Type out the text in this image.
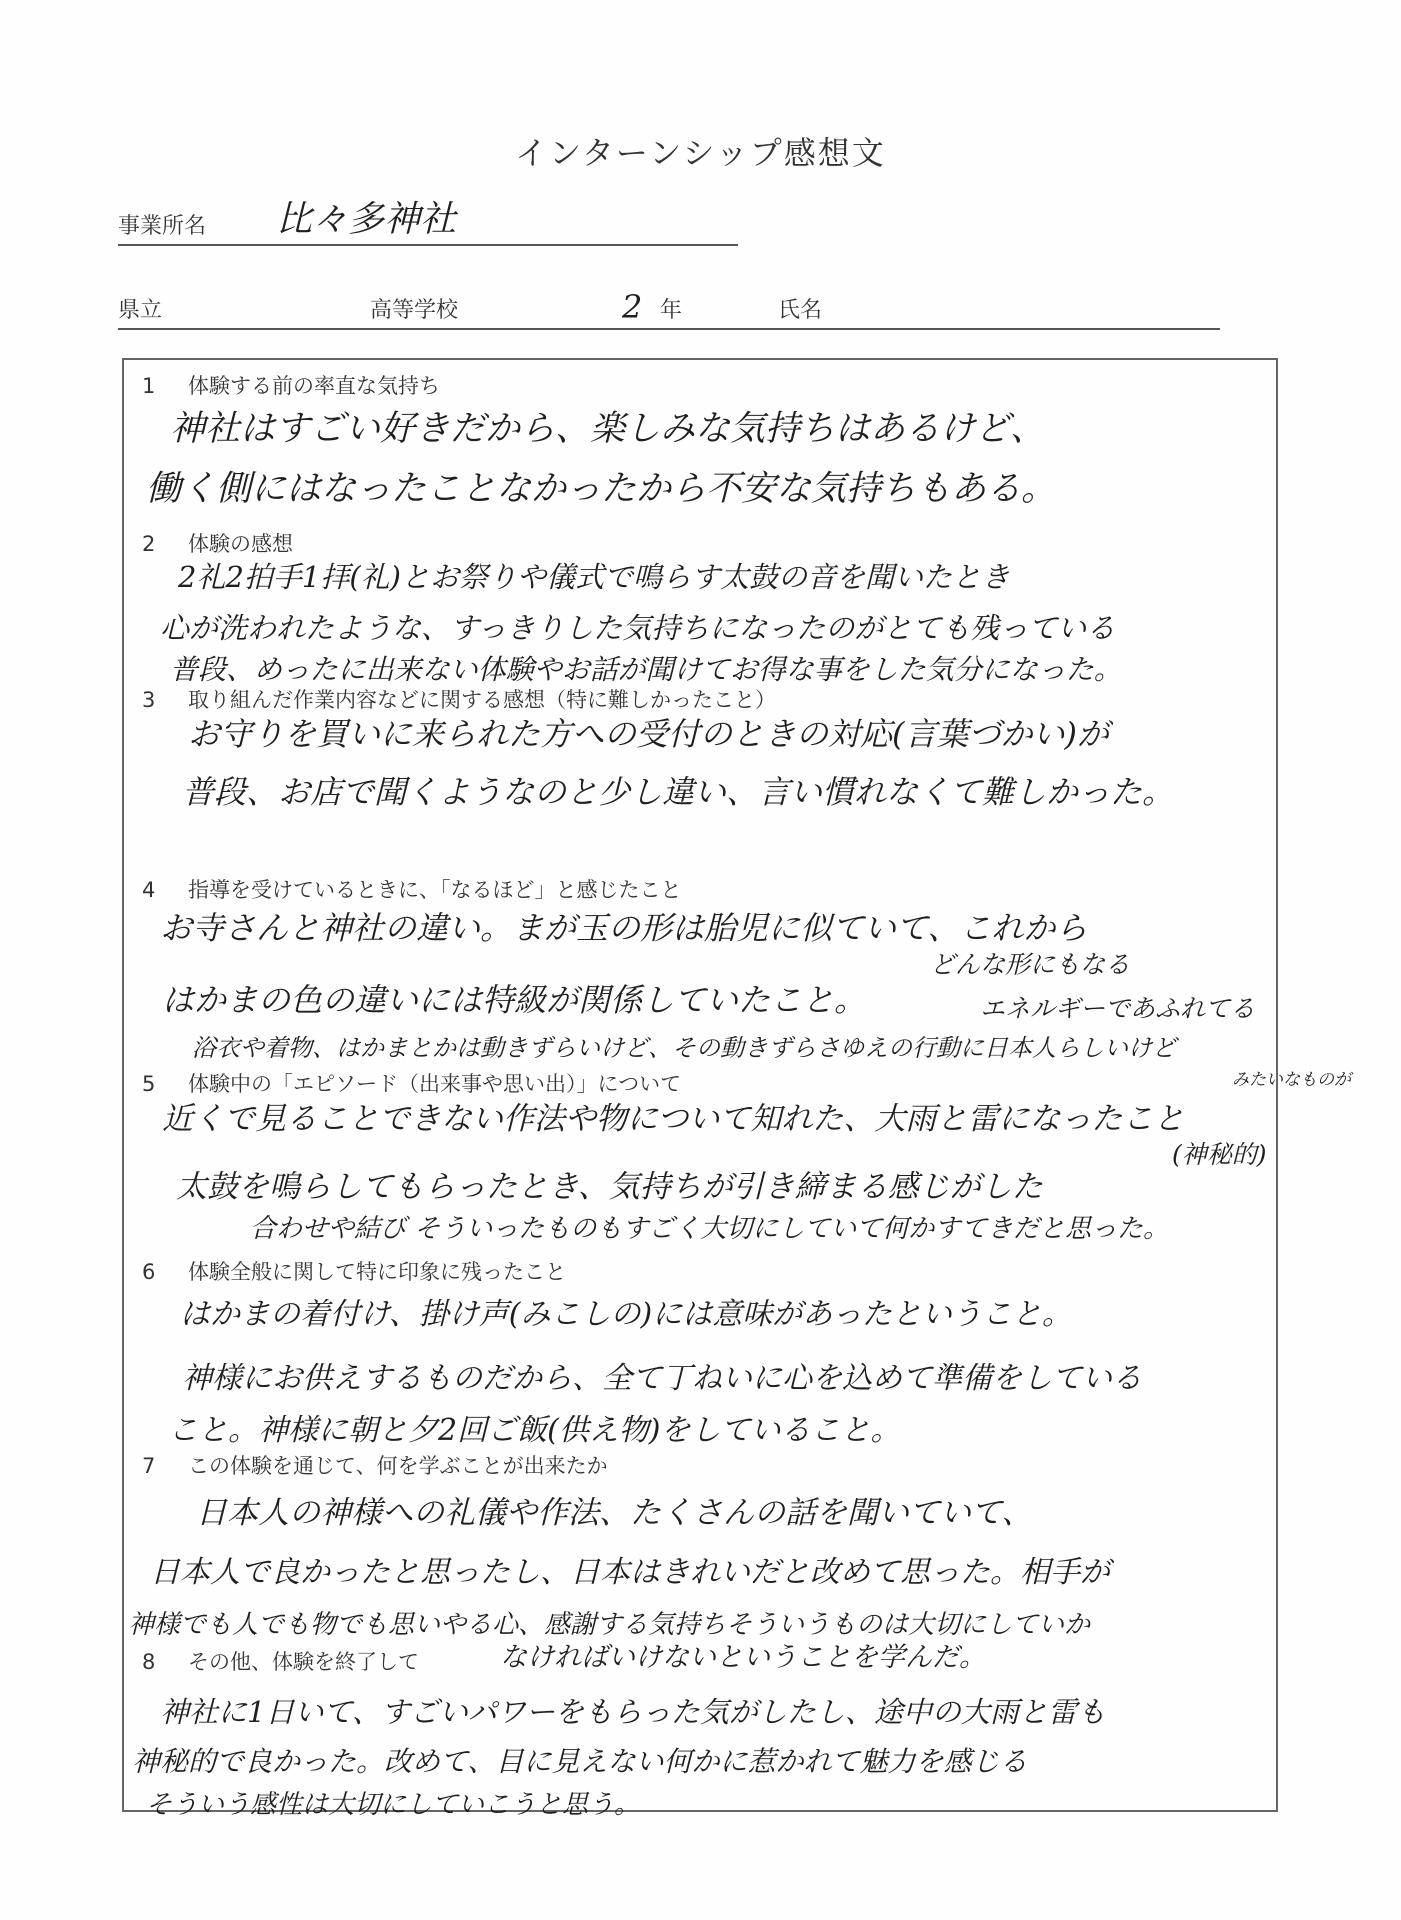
インターンシップ感想文
事業所名 比々多神社
県立	高等学校	2 年	氏名
1 体験する前の率直な気持ち
神社はすごい好きだから、楽しみな気持ちはあるけど、
働く側にはなったことなかったから不安な気持ちもある。
2 体験の感想
2礼2拍手1拝(礼)とお祭りや儀式で鳴らす太鼓の音を聞いたとき
心が洗われたような、すっきりした気持ちになったのがとても残っている
普段、めったに出来ない体験やお話が聞けてお得な事をした気分になった。
3 取り組んだ作業内容などに関する感想（特に難しかったこと）
お守りを買いに来られた方への受付のときの対応(言葉づかい)が
普段、お店で聞くようなのと少し違い、言い慣れなくて難しかった。
4 指導を受けているときに、「なるほど」と感じたこと
お寺さんと神社の違い。まが玉の形は胎児に似ていて、これから
どんな形にもなる
はかまの色の違いには特級が関係していたこと。	エネルギーであふれてる
浴衣や着物、はかまとかは動きずらいけど、その動きずらさゆえの行動に日本人らしいけど
みたいなものが
5 体験中の「エピソード（出来事や思い出）」について
近くで見ることできない作法や物について知れた、大雨と雷になったこと
(神秘的)
太鼓を鳴らしてもらったとき、気持ちが引き締まる感じがした
合わせや結び そういったものもすごく大切にしていて何かすてきだと思った。
6 体験全般に関して特に印象に残ったこと
はかまの着付け、掛け声(みこしの)には意味があったということ。
神様にお供えするものだから、全て丁ねいに心を込めて準備をしている
こと。神様に朝と夕2回ご飯(供え物)をしていること。
7 この体験を通じて、何を学ぶことが出来たか
日本人の神様への礼儀や作法、たくさんの話を聞いていて、
日本人で良かったと思ったし、日本はきれいだと改めて思った。相手が
神様でも人でも物でも思いやる心、感謝する気持ちそういうものは大切にしていか
8 その他、体験を終了して	なければいけないということを学んだ。
神社に1日いて、すごいパワーをもらった気がしたし、途中の大雨と雷も
神秘的で良かった。改めて、目に見えない何かに惹かれて魅力を感じる
そういう感性は大切にしていこうと思う。
